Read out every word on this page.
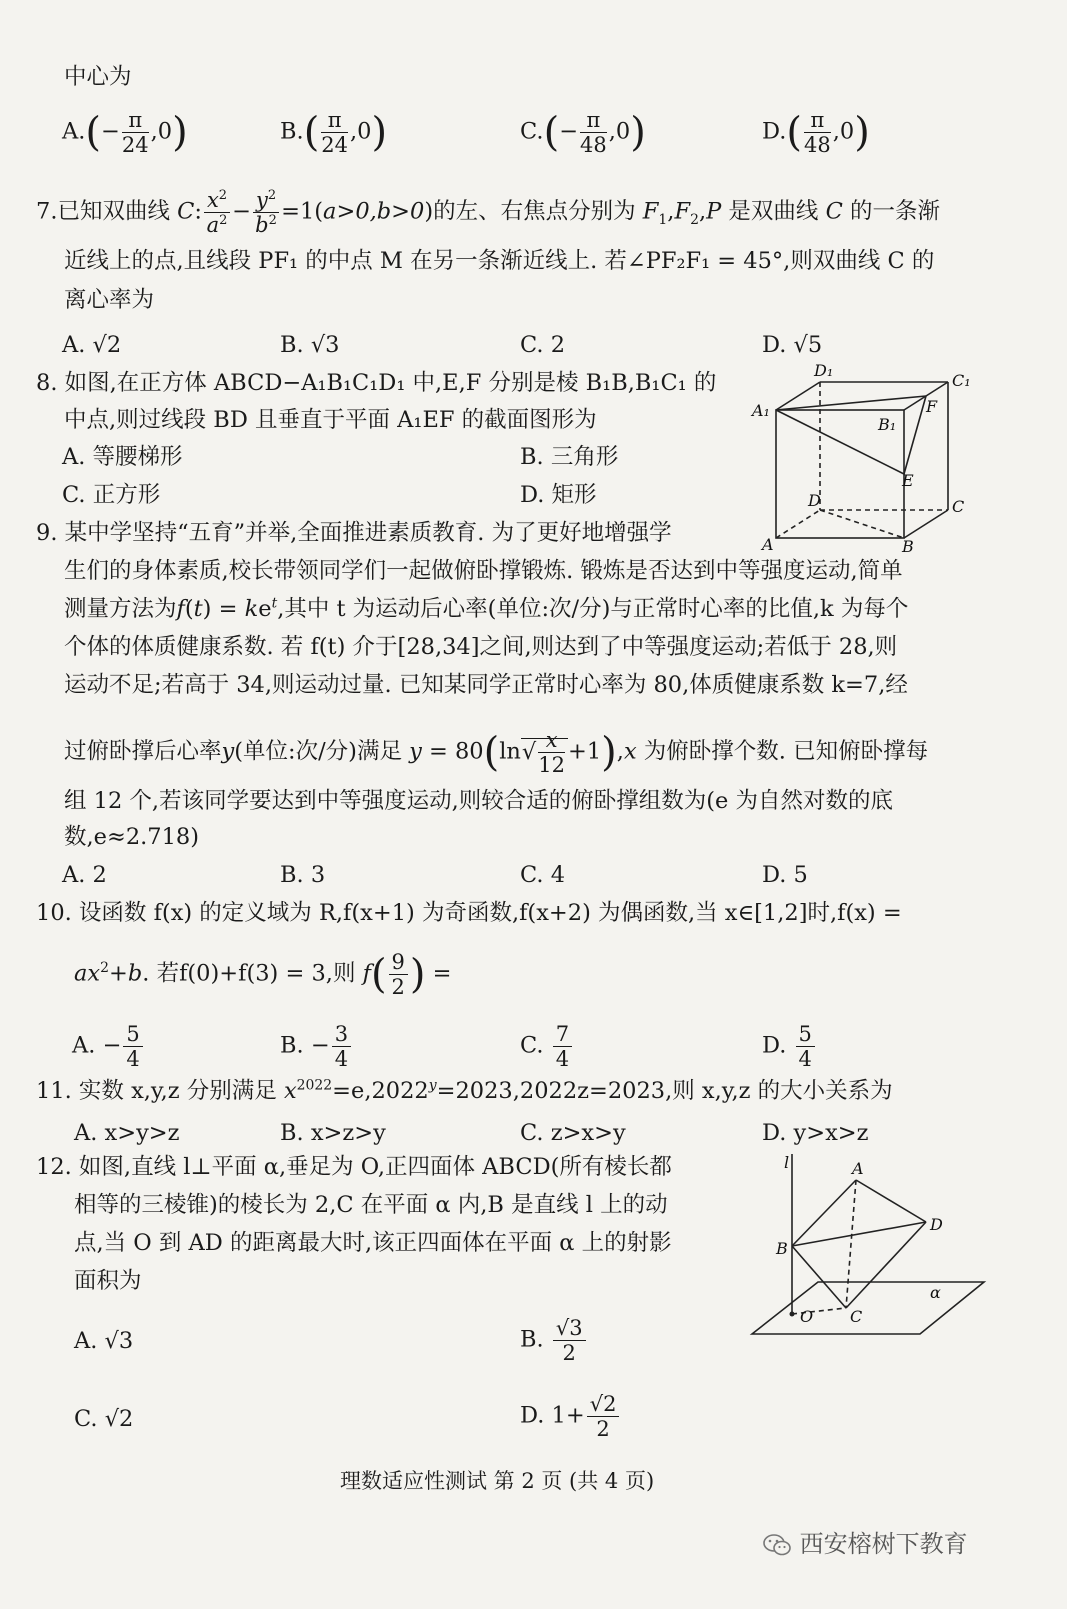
中心为
$A.(- \frac{\pi}{24} ,0)$	$B.( \frac{\pi}{24} ,0)$	$C.(- \frac{\pi}{48} ,0)$	$D.( \frac{\pi}{48} ,0)$
7.已知双曲线 C: $\frac{x^2}{a^2} - \frac{y^2}{b^2} =1(a>0,b>0)$的左、右焦点分别为 $F_1,F_2,P$ 是双曲线 C 的一条渐
近线上的点,且线段 PF₁ 的中点 M 在另一条渐近线上. 若∠PF₂F₁ = 45°,则双曲线 C 的
离心率为
A. √2	B. √3	C. 2	D. √5
8. 如图,在正方体 ABCD−A₁B₁C₁D₁ 中,E,F 分别是棱 B₁B,B₁C₁ 的
中点,则过线段 BD 且垂直于平面 A₁EF 的截面图形为
A. 等腰梯形	B. 三角形
C. 正方形	D. 矩形
D₁
C₁
A₁	F
B₁
E
D	C
A	B
9. 某中学坚持“五育”并举,全面推进素质教育. 为了更好地增强学
生们的身体素质,校长带领同学们一起做俯卧撑锻炼. 锻炼是否达到中等强度运动,简单
测量方法为$f(t) = ke^t$,其中 t 为运动后心率(单位:次/分)与正常时心率的比值,k 为每个
个体的体质健康系数. 若 f(t) 介于[28,34]之间,则达到了中等强度运动;若低于 28,则
运动不足;若高于 34,则运动过量. 已知某同学正常时心率为 80,体质健康系数 k=7,经
过俯卧撑后心率y(单位:次/分)满足 $y = 80(\ln√ \frac{x}{12} +1),x$ 为俯卧撑个数. 已知俯卧撑每
组 12 个,若该同学要达到中等强度运动,则较合适的俯卧撑组数为(e 为自然对数的底
数,e≈2.718)
A. 2	B. 3	C. 4	D. 5
10. 设函数 f(x) 的定义域为 R,f(x+1) 为奇函数,f(x+2) 为偶函数,当 x∈[1,2]时,f(x) =
$ax^2+b$. 若f(0)+f(3) = 3,则 $f( \frac{9}{2}$ ) =
A. − $\frac{5}{4}$	B. − $\frac{3}{4}$	C. $\frac{7}{4}$	D. $\frac{5}{4}$
11. 实数 x,y,z 分别满足 $x^{2022}=e,2022^y=2023,2022z=2023$,则 x,y,z 的大小关系为
A. x>y>z	B. x>z>y	C. z>x>y	D. y>x>z
12. 如图,直线 l⊥平面 α,垂足为 O,正四面体 ABCD(所有棱长都
相等的三棱锥)的棱长为 2,C 在平面 α 内,B 是直线 l 上的动
点,当 O 到 AD 的距离最大时,该正四面体在平面 α 上的射影
面积为
A. √3	B. $\frac{√3}{2}$
C. √2	D. $1+ \frac{√2}{2}$
l	A
D
B
O C
α
理数适应性测试 第 2 页 (共 4 页)
西安榕树下教育
